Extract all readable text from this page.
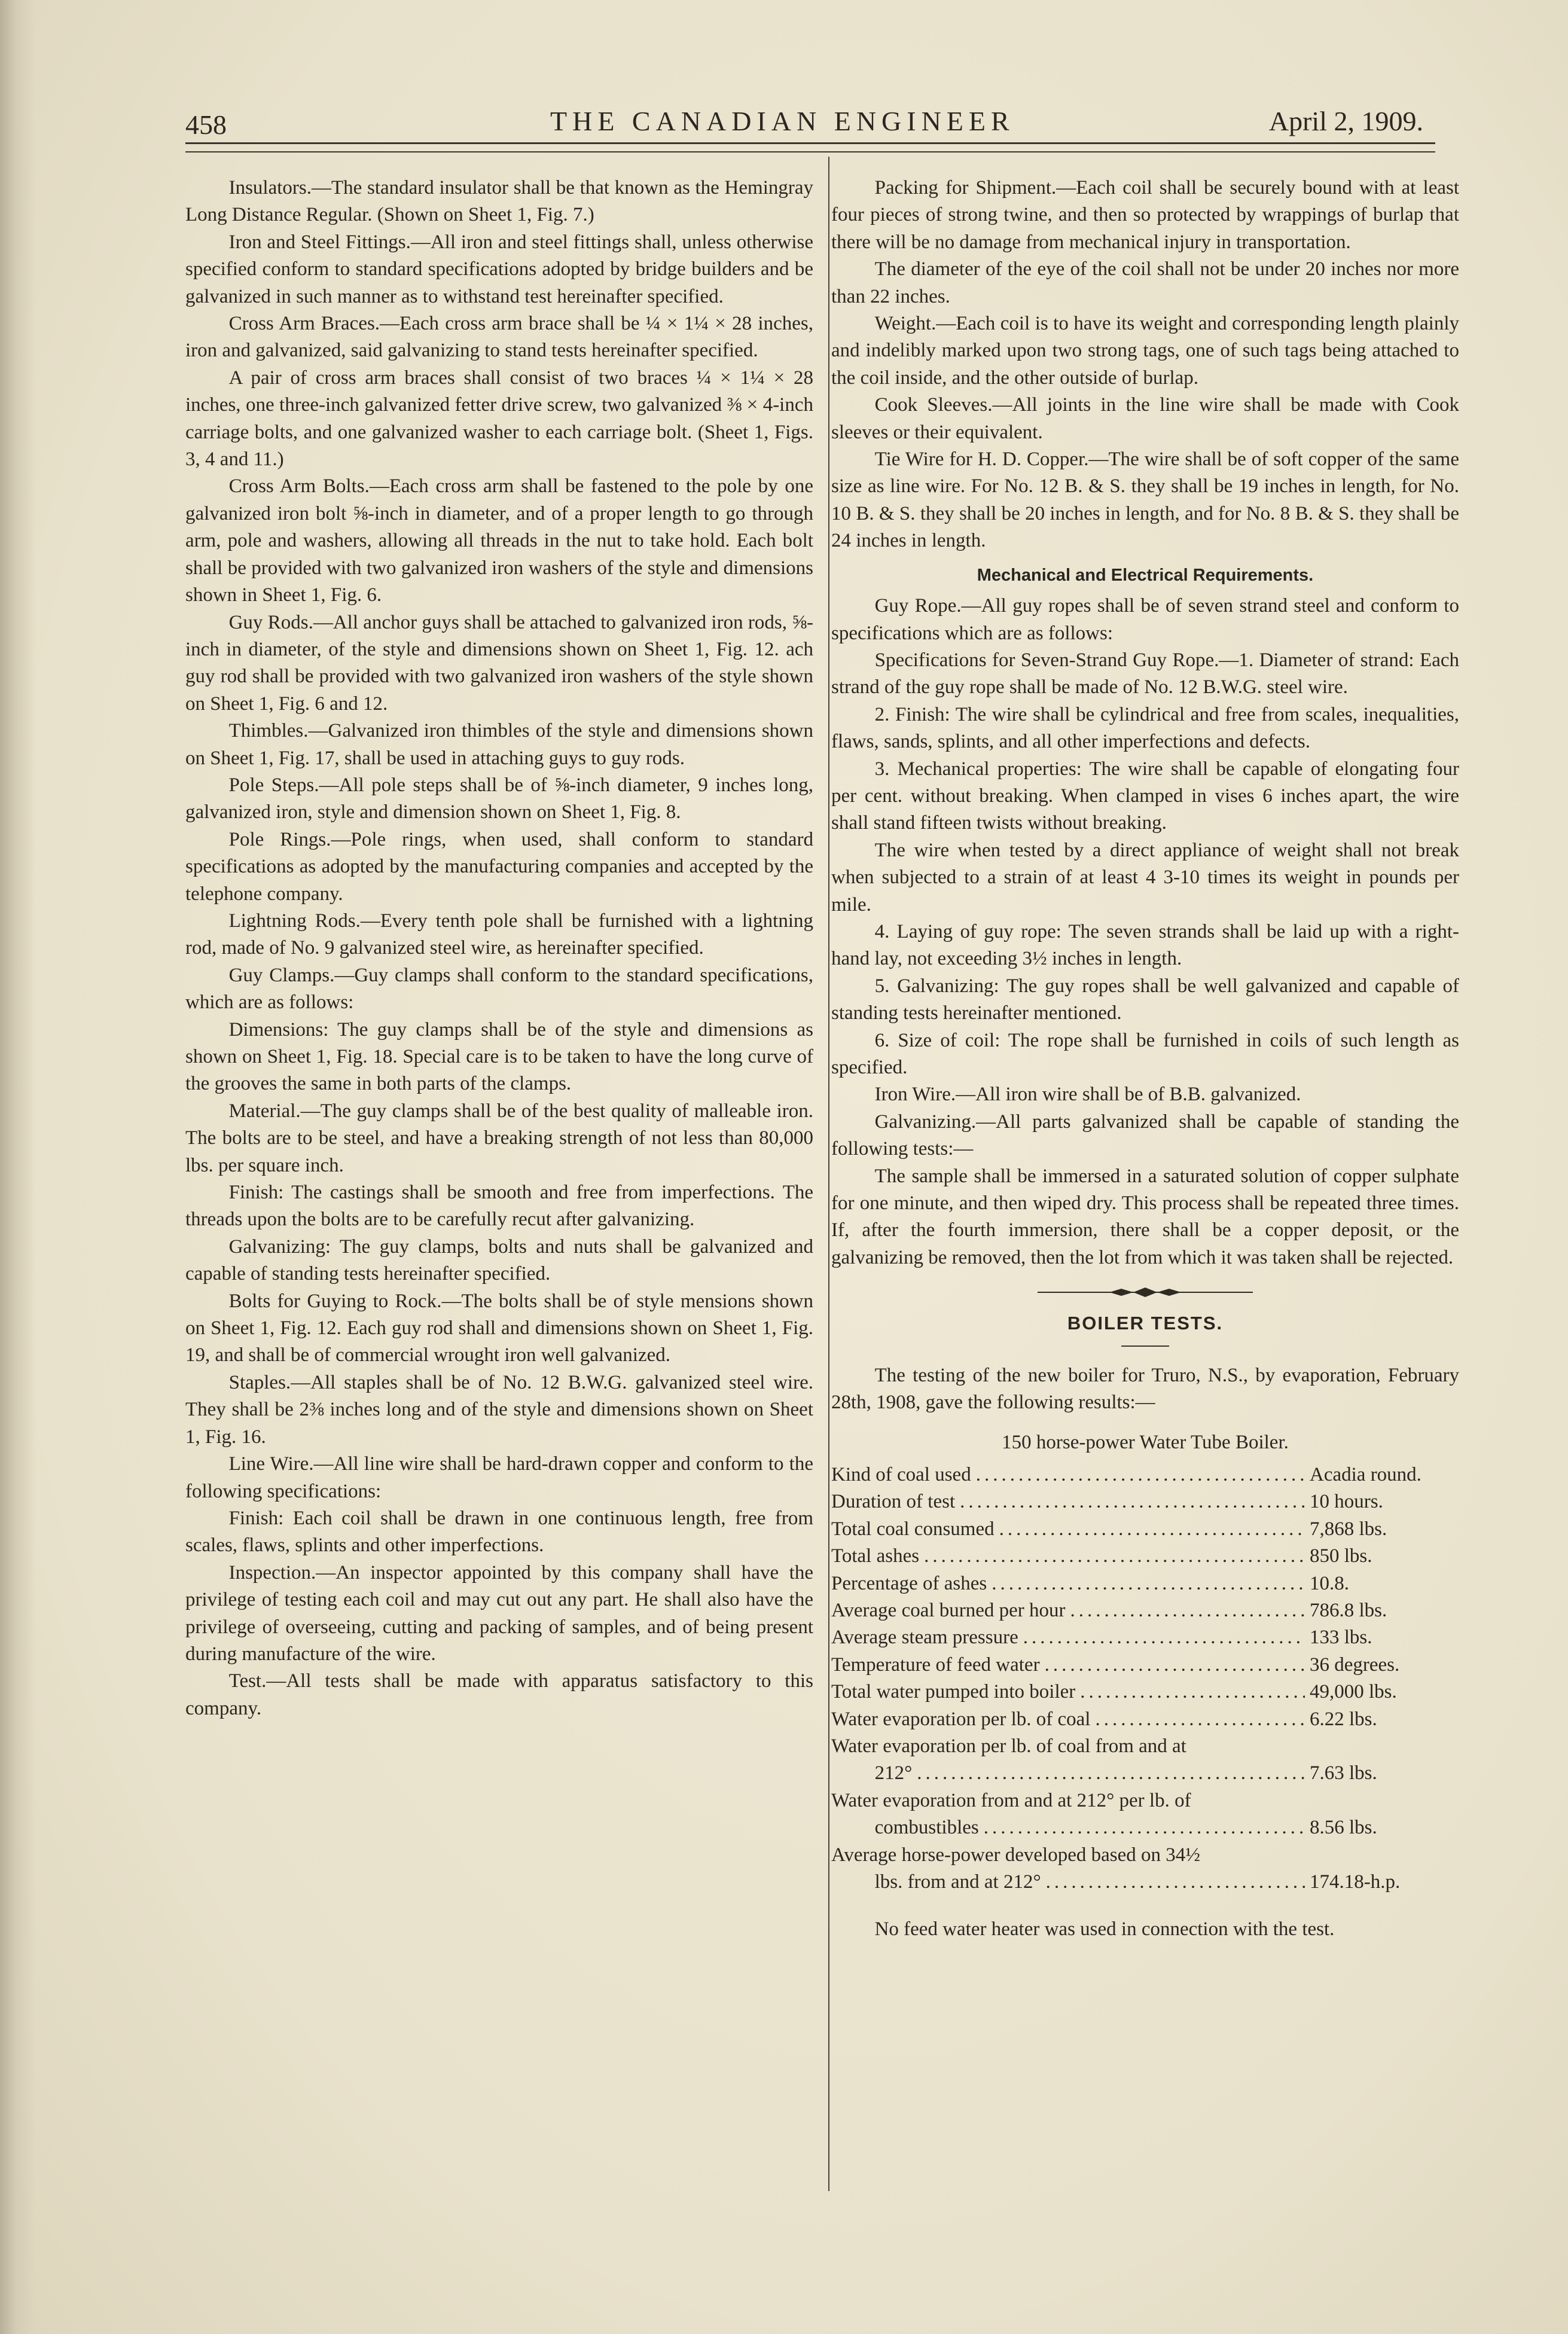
458	THE CANADIAN ENGINEER	April 2, 1909.

Insulators.—The standard insulator shall be that known as the Hemingray Long Distance Regular. (Shown on Sheet 1, Fig. 7.)

Iron and Steel Fittings.—All iron and steel fittings shall, unless otherwise specified conform to standard specifications adopted by bridge builders and be galvanized in such manner as to withstand test hereinafter specified.

Cross Arm Braces.—Each cross arm brace shall be ¼ × 1¼ × 28 inches, iron and galvanized, said galvanizing to stand tests hereinafter specified.

A pair of cross arm braces shall consist of two braces ¼ × 1¼ × 28 inches, one three-inch galvanized fetter drive screw, two galvanized ⅜ × 4-inch carriage bolts, and one galvanized washer to each carriage bolt. (Sheet 1, Figs. 3, 4 and 11.)

Cross Arm Bolts.—Each cross arm shall be fastened to the pole by one galvanized iron bolt ⅝-inch in diameter, and of a proper length to go through arm, pole and washers, allowing all threads in the nut to take hold. Each bolt shall be provided with two galvanized iron washers of the style and dimensions shown in Sheet 1, Fig. 6.

Guy Rods.—All anchor guys shall be attached to galvanized iron rods, ⅝-inch in diameter, of the style and dimensions shown on Sheet 1, Fig. 12. ach guy rod shall be provided with two galvanized iron washers of the style shown on Sheet 1, Fig. 6 and 12.

Thimbles.—Galvanized iron thimbles of the style and dimensions shown on Sheet 1, Fig. 17, shall be used in attaching guys to guy rods.

Pole Steps.—All pole steps shall be of ⅝-inch diameter, 9 inches long, galvanized iron, style and dimension shown on Sheet 1, Fig. 8.

Pole Rings.—Pole rings, when used, shall conform to standard specifications as adopted by the manufacturing companies and accepted by the telephone company.

Lightning Rods.—Every tenth pole shall be furnished with a lightning rod, made of No. 9 galvanized steel wire, as hereinafter specified.

Guy Clamps.—Guy clamps shall conform to the standard specifications, which are as follows:

Dimensions: The guy clamps shall be of the style and dimensions as shown on Sheet 1, Fig. 18. Special care is to be taken to have the long curve of the grooves the same in both parts of the clamps.

Material.—The guy clamps shall be of the best quality of malleable iron. The bolts are to be steel, and have a breaking strength of not less than 80,000 lbs. per square inch.

Finish: The castings shall be smooth and free from imperfections. The threads upon the bolts are to be carefully recut after galvanizing.

Galvanizing: The guy clamps, bolts and nuts shall be galvanized and capable of standing tests hereinafter specified.

Bolts for Guying to Rock.—The bolts shall be of style mensions shown on Sheet 1, Fig. 12. Each guy rod shall and dimensions shown on Sheet 1, Fig. 19, and shall be of commercial wrought iron well galvanized.

Staples.—All staples shall be of No. 12 B.W.G. galvanized steel wire. They shall be 2⅜ inches long and of the style and dimensions shown on Sheet 1, Fig. 16.

Line Wire.—All line wire shall be hard-drawn copper and conform to the following specifications:

Finish: Each coil shall be drawn in one continuous length, free from scales, flaws, splints and other imperfections.

Inspection.—An inspector appointed by this company shall have the privilege of testing each coil and may cut out any part. He shall also have the privilege of overseeing, cutting and packing of samples, and of being present during manufacture of the wire.

Test.—All tests shall be made with apparatus satisfactory to this company.

Packing for Shipment.—Each coil shall be securely bound with at least four pieces of strong twine, and then so protected by wrappings of burlap that there will be no damage from mechanical injury in transportation.

The diameter of the eye of the coil shall not be under 20 inches nor more than 22 inches.

Weight.—Each coil is to have its weight and corresponding length plainly and indelibly marked upon two strong tags, one of such tags being attached to the coil inside, and the other outside of burlap.

Cook Sleeves.—All joints in the line wire shall be made with Cook sleeves or their equivalent.

Tie Wire for H. D. Copper.—The wire shall be of soft copper of the same size as line wire. For No. 12 B. & S. they shall be 19 inches in length, for No. 10 B. & S. they shall be 20 inches in length, and for No. 8 B. & S. they shall be 24 inches in length.

Mechanical and Electrical Requirements.

Guy Rope.—All guy ropes shall be of seven strand steel and conform to specifications which are as follows:

Specifications for Seven-Strand Guy Rope.—1. Diameter of strand: Each strand of the guy rope shall be made of No. 12 B.W.G. steel wire.

2. Finish: The wire shall be cylindrical and free from scales, inequalities, flaws, sands, splints, and all other imperfections and defects.

3. Mechanical properties: The wire shall be capable of elongating four per cent. without breaking. When clamped in vises 6 inches apart, the wire shall stand fifteen twists without breaking.

The wire when tested by a direct appliance of weight shall not break when subjected to a strain of at least 4 3-10 times its weight in pounds per mile.

4. Laying of guy rope: The seven strands shall be laid up with a right-hand lay, not exceeding 3½ inches in length.

5. Galvanizing: The guy ropes shall be well galvanized and capable of standing tests hereinafter mentioned.

6. Size of coil: The rope shall be furnished in coils of such length as specified.

Iron Wire.—All iron wire shall be of B.B. galvanized.

Galvanizing.—All parts galvanized shall be capable of standing the following tests:—

The sample shall be immersed in a saturated solution of copper sulphate for one minute, and then wiped dry. This process shall be repeated three times. If, after the fourth immersion, there shall be a copper deposit, or the galvanizing be removed, then the lot from which it was taken shall be rejected.

BOILER TESTS.

The testing of the new boiler for Truro, N.S., by evaporation, February 28th, 1908, gave the following results:—

150 horse-power Water Tube Boiler.
Kind of coal used .....	Acadia round.
Duration of test .....	10 hours.
Total coal consumed .....	7,868 lbs.
Total ashes .....	850 lbs.
Percentage of ashes .....	10.8.
Average coal burned per hour .....	786.8 lbs.
Average steam pressure .....	133 lbs.
Temperature of feed water .....	36 degrees.
Total water pumped into boiler .....	49,000 lbs.
Water evaporation per lb. of coal .....	6.22 lbs.
Water evaporation per lb. of coal from and at
212° .....	7.63 lbs.
Water evaporation from and at 212° per lb. of
combustibles .....	8.56 lbs.
Average horse-power developed based on 34½
lbs. from and at 212° .....	174.18-h.p.

No feed water heater was used in connection with the test.
